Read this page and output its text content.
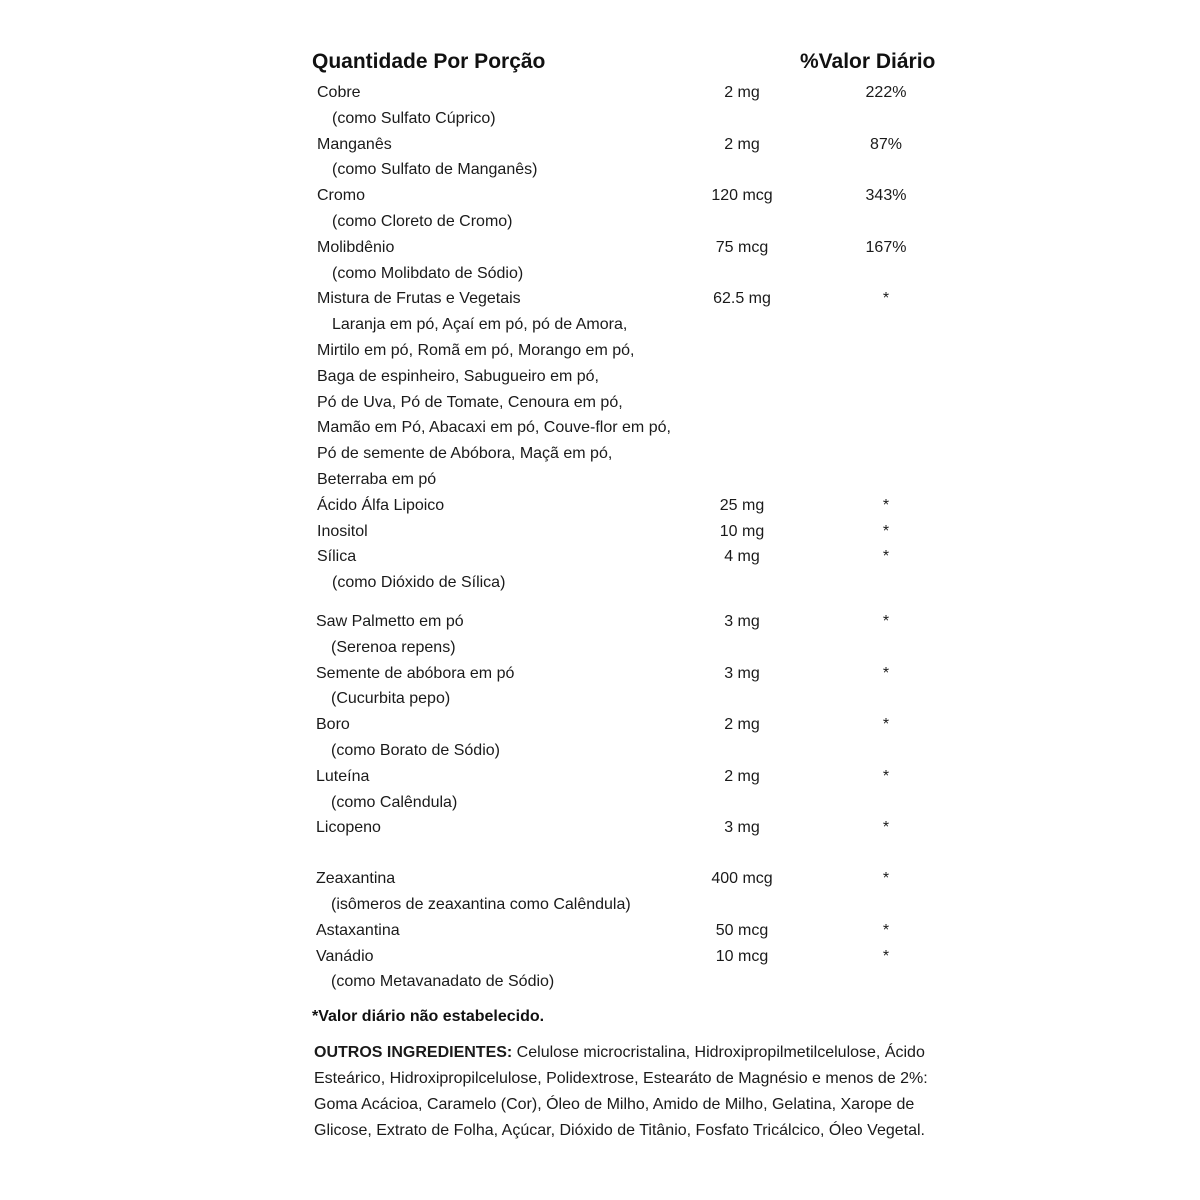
Quantidade Por Porção	%Valor Diário
Cobre	2 mg	222%
(como Sulfato Cúprico)
Manganês	2 mg	87%
(como Sulfato de Manganês)
Cromo	120 mcg	343%
(como Cloreto de Cromo)
Molibdênio	75 mcg	167%
(como Molibdato de Sódio)
Mistura de Frutas e Vegetais	62.5 mg	*
Laranja em pó, Açaí em pó, pó de Amora,
Mirtilo em pó, Romã em pó, Morango em pó,
Baga de espinheiro, Sabugueiro em pó,
Pó de Uva, Pó de Tomate, Cenoura em pó,
Mamão em Pó, Abacaxi em pó, Couve-flor em pó,
Pó de semente de Abóbora, Maçã em pó,
Beterraba em pó
Ácido Álfa Lipoico	25 mg	*
Inositol	10 mg	*
Sílica	4 mg	*
(como Dióxido de Sílica)
Saw Palmetto em pó	3 mg	*
(Serenoa repens)
Semente de abóbora em pó	3 mg	*
(Cucurbita pepo)
Boro	2 mg	*
(como Borato de Sódio)
Luteína	2 mg	*
(como Calêndula)
Licopeno	3 mg	*
Zeaxantina	400 mcg	*
(isômeros de zeaxantina como Calêndula)
Astaxantina	50 mcg	*
Vanádio	10 mcg	*
(como Metavanadato de Sódio)
*Valor diário não estabelecido.
OUTROS INGREDIENTES: Celulose microcristalina, Hidroxipropilmetilcelulose, Ácido Esteárico, Hidroxipropilcelulose, Polidextrose, Estearáto de Magnésio e menos de 2%: Goma Acácioa, Caramelo (Cor), Óleo de Milho, Amido de Milho, Gelatina, Xarope de Glicose, Extrato de Folha, Açúcar, Dióxido de Titânio, Fosfato Tricálcico, Óleo Vegetal.
